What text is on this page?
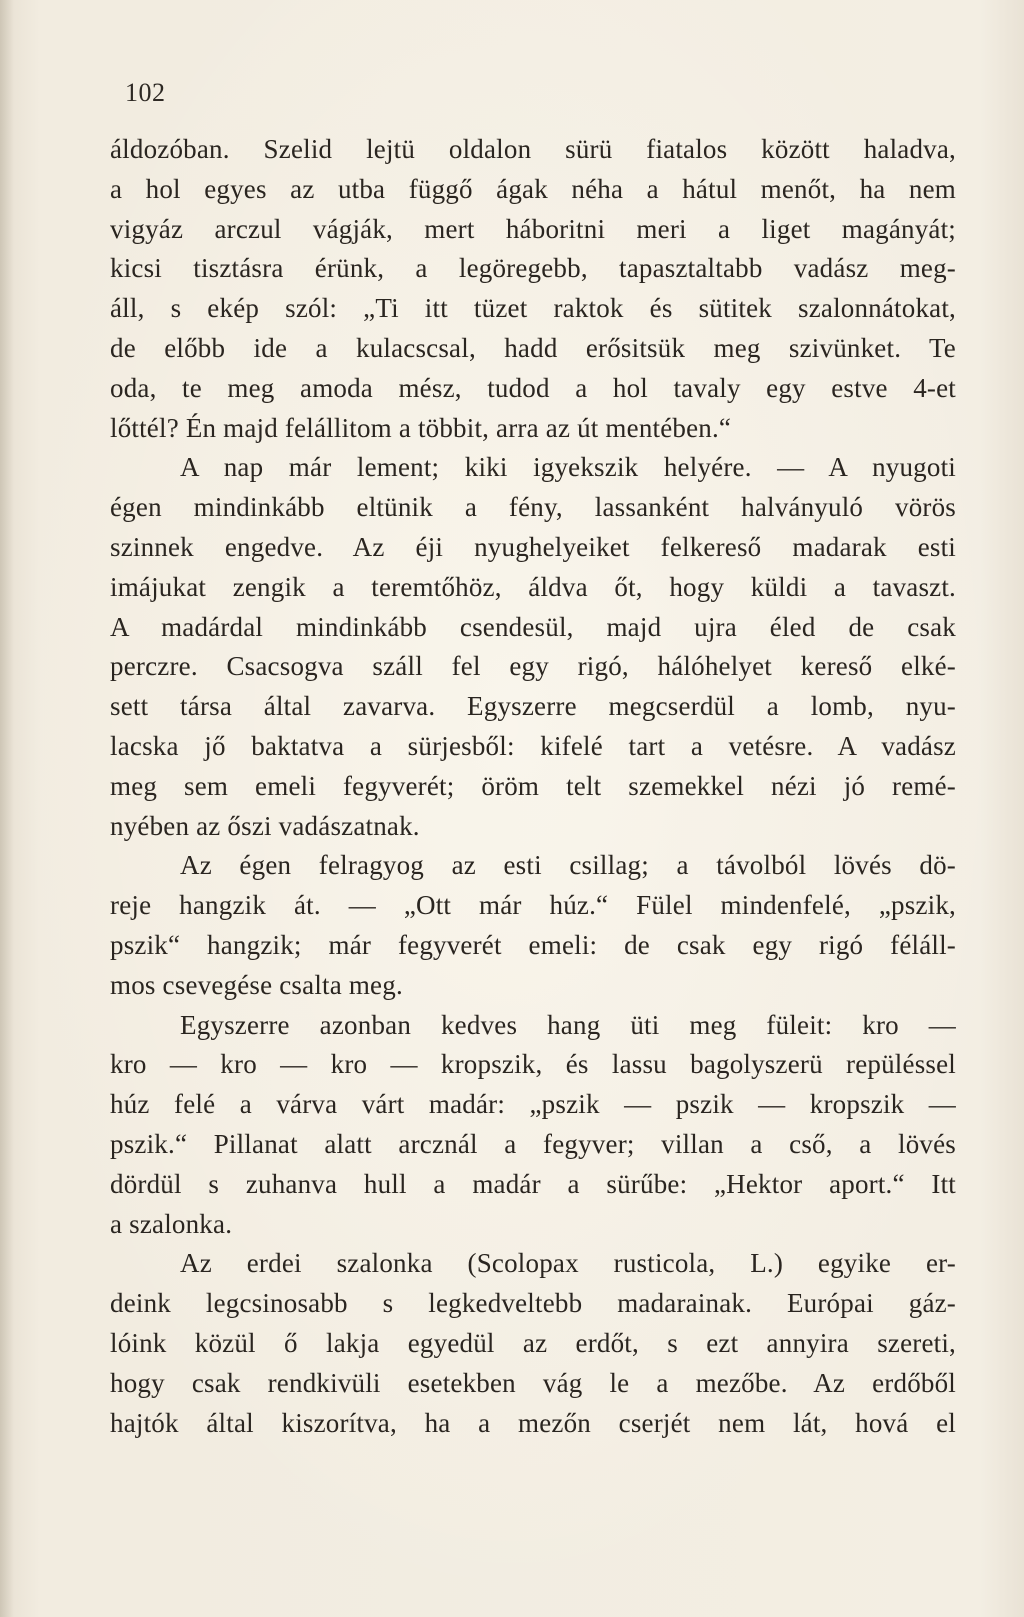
102
áldozóban. Szelid lejtü oldalon sürü fiatalos között haladva,
a hol egyes az utba függő ágak néha a hátul menőt, ha nem
vigyáz arczul vágják, mert háboritni meri a liget magányát;
kicsi tisztásra érünk, a legöregebb, tapasztaltabb vadász meg-
áll, s ekép szól: „Ti itt tüzet raktok és sütitek szalonnátokat,
de előbb ide a kulacscsal, hadd erősitsük meg szivünket. Te
oda, te meg amoda mész, tudod a hol tavaly egy estve 4-et
lőttél? Én majd felállitom a többit, arra az út mentében.“
A nap már lement; kiki igyekszik helyére. — A nyugoti
égen mindinkább eltünik a fény, lassanként halványuló vörös
szinnek engedve. Az éji nyughelyeiket felkereső madarak esti
imájukat zengik a teremtőhöz, áldva őt, hogy küldi a tavaszt.
A madárdal mindinkább csendesül, majd ujra éled de csak
perczre. Csacsogva száll fel egy rigó, hálóhelyet kereső elké-
sett társa által zavarva. Egyszerre megcserdül a lomb, nyu-
lacska jő baktatva a sürjesből: kifelé tart a vetésre. A vadász
meg sem emeli fegyverét; öröm telt szemekkel nézi jó remé-
nyében az őszi vadászatnak.
Az égen felragyog az esti csillag; a távolból lövés dö-
reje hangzik át. — „Ott már húz.“ Fülel mindenfelé, „pszik,
pszik“ hangzik; már fegyverét emeli: de csak egy rigó féláll-
mos csevegése csalta meg.
Egyszerre azonban kedves hang üti meg füleit: kro —
kro — kro — kro — kropszik, és lassu bagolyszerü repüléssel
húz felé a várva várt madár: „pszik — pszik — kropszik —
pszik.“ Pillanat alatt arcznál a fegyver; villan a cső, a lövés
dördül s zuhanva hull a madár a sürűbe: „Hektor aport.“ Itt
a szalonka.
Az erdei szalonka (Scolopax rusticola, L.) egyike er-
deink legcsinosabb s legkedveltebb madarainak. Európai gáz-
lóink közül ő lakja egyedül az erdőt, s ezt annyira szereti,
hogy csak rendkivüli esetekben vág le a mezőbe. Az erdőből
hajtók által kiszorítva, ha a mezőn cserjét nem lát, hová el
